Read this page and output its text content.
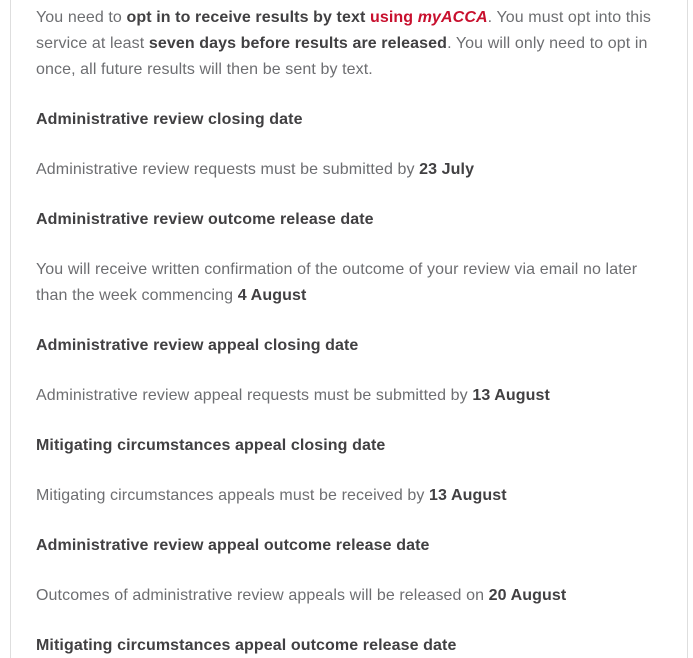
You need to opt in to receive results by text using myACCA. You must opt into this service at least seven days before results are released. You will only need to opt in once, all future results will then be sent by text.

Administrative review closing date

Administrative review requests must be submitted by 23 July

Administrative review outcome release date

You will receive written confirmation of the outcome of your review via email no later than the week commencing 4 August

Administrative review appeal closing date

Administrative review appeal requests must be submitted by 13 August

Mitigating circumstances appeal closing date

Mitigating circumstances appeals must be received by 13 August

Administrative review appeal outcome release date

Outcomes of administrative review appeals will be released on 20 August

Mitigating circumstances appeal outcome release date
